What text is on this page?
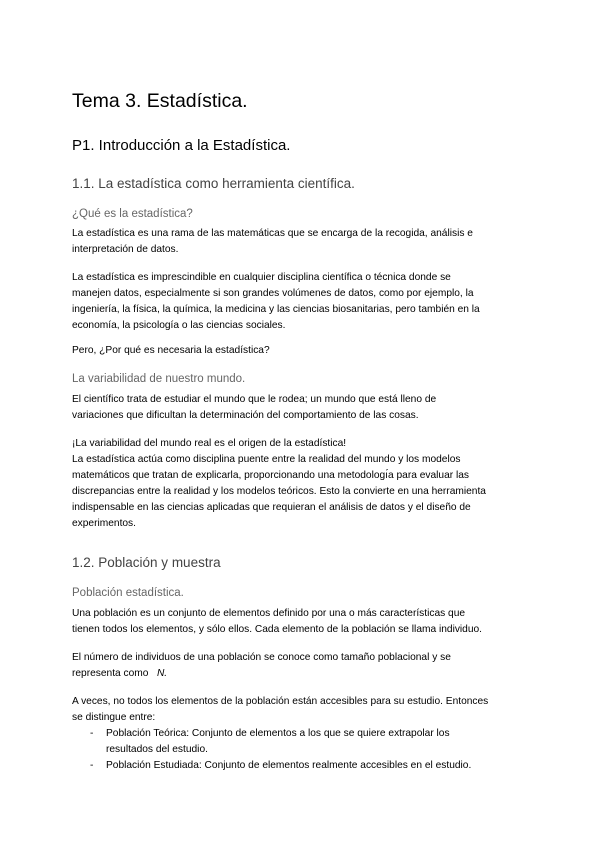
Tema 3. Estadística.
P1. Introducción a la Estadística.
1.1. La estadística como herramienta científica.
¿Qué es la estadística?

La estadística es una rama de las matemáticas que se encarga de la recogida, análisis e
interpretación de datos.

La estadística es imprescindible en cualquier disciplina científica o técnica donde se
manejen datos, especialmente si son grandes volúmenes de datos, como por ejemplo, la
ingeniería, la física, la química, la medicina y las ciencias biosanitarias, pero también en la
economía, la psicología o las ciencias sociales.

Pero, ¿Por qué es necesaria la estadística?

La variabilidad de nuestro mundo.

El científico trata de estudiar el mundo que le rodea; un mundo que está lleno de
variaciones que dificultan la determinación del comportamiento de las cosas.

¡La variabilidad del mundo real es el origen de la estadística!
La estadística actúa como disciplina puente entre la realidad del mundo y los modelos
matemáticos que tratan de explicarla, proporcionando una metodologı́a para evaluar las
discrepancias entre la realidad y los modelos teóricos. Esto la convierte en una herramienta
indispensable en las ciencias aplicadas que requieran el análisis de datos y el diseño de
experimentos.

1.2. Población y muestra
Población estadística.

Una población es un conjunto de elementos definido por una o más características que
tienen todos los elementos, y sólo ellos. Cada elemento de la población se llama individuo.

El número de individuos de una población se conoce como tamaño poblacional y se
representa como N.

A veces, no todos los elementos de la población están accesibles para su estudio. Entonces
se distingue entre:

- Población Teórica: Conjunto de elementos a los que se quiere extrapolar los
resultados del estudio.
- Población Estudiada: Conjunto de elementos realmente accesibles en el estudio.
